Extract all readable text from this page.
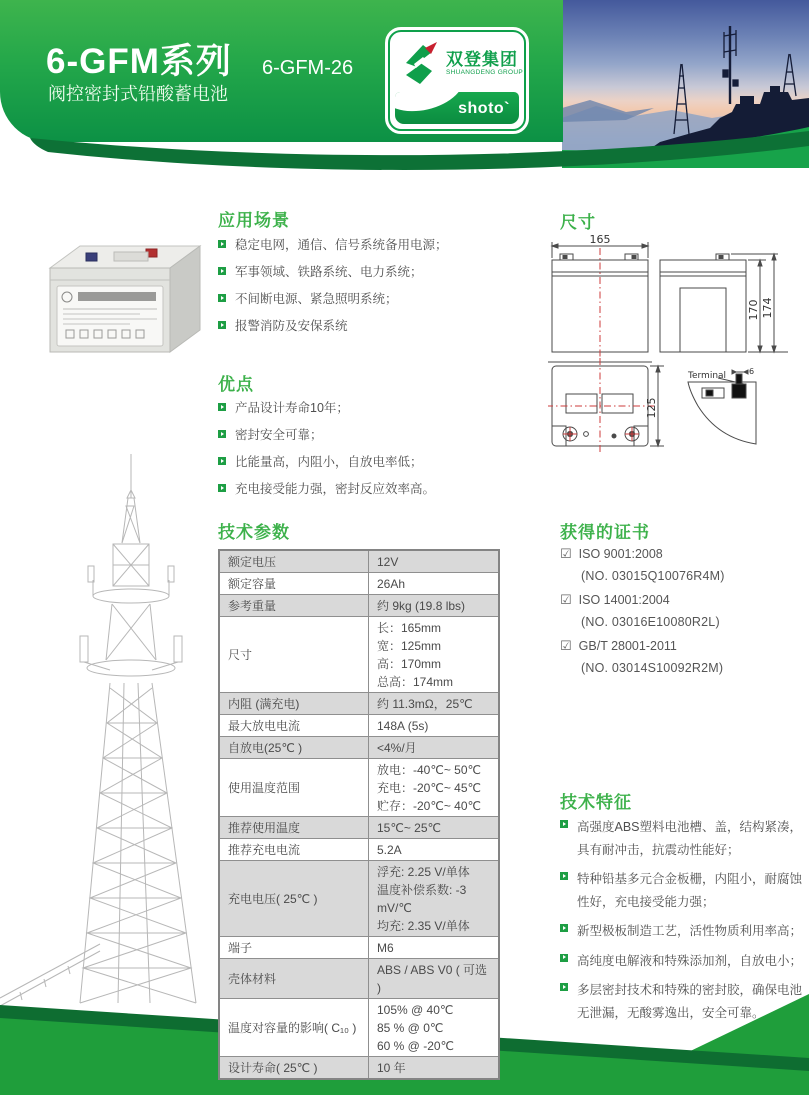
6-GFM系列
阀控密封式铅酸蓄电池
6-GFM-26	双登集团
SHUANGDENG GROUP
shoto`
应用场景
稳定电网，通信、信号系统备用电源；
军事领域、铁路系统、电力系统；
不间断电源、紧急照明系统；
报警消防及安保系统
优点
产品设计寿命10年；
密封安全可靠；
比能量高，内阻小，自放电率低；
充电接受能力强，密封反应效率高。
技术参数
额定电压	12V

额定容量	26Ah

参考重量	约 9kg (19.8 lbs)

尺寸	长：165mm
宽：125mm
高：170mm
总高：174mm

内阻 (满充电)	约 11.3mΩ，25℃

最大放电电流	148A (5s)

自放电(25℃ )	<4%/月

使用温度范围	放电：-40℃~ 50℃
充电：-20℃~ 45℃
贮存：-20℃~ 40℃

推荐使用温度	15℃~ 25℃

推荐充电电流	5.2A

充电电压( 25℃ )	浮充: 2.25 V/单体
温度补偿系数: -3 mV/℃
均充: 2.35 V/单体

端子	M6

壳体材料	ABS / ABS V0 ( 可选 )

温度对容量的影响( C₁₀ )	105% @ 40℃
85 % @ 0℃
60 % @ -20℃

设计寿命( 25℃ )	10 年
尺寸
165
170 174
125
Terminal	6
获得的证书
☑ ISO 9001:2008
(NO. 03015Q10076R4M)
☑ ISO 14001:2004
(NO. 03016E10080R2L)
☑ GB/T 28001-2011
(NO. 03014S10092R2M)
技术特征
高强度ABS塑料电池槽、盖，结构紧凑，具有耐冲击，抗震动性能好；
特种铅基多元合金板栅，内阻小，耐腐蚀性好，充电接受能力强；
新型极板制造工艺，活性物质利用率高；
高纯度电解液和特殊添加剂，自放电小；
多层密封技术和特殊的密封胶，确保电池无泄漏，无酸雾逸出，安全可靠。
